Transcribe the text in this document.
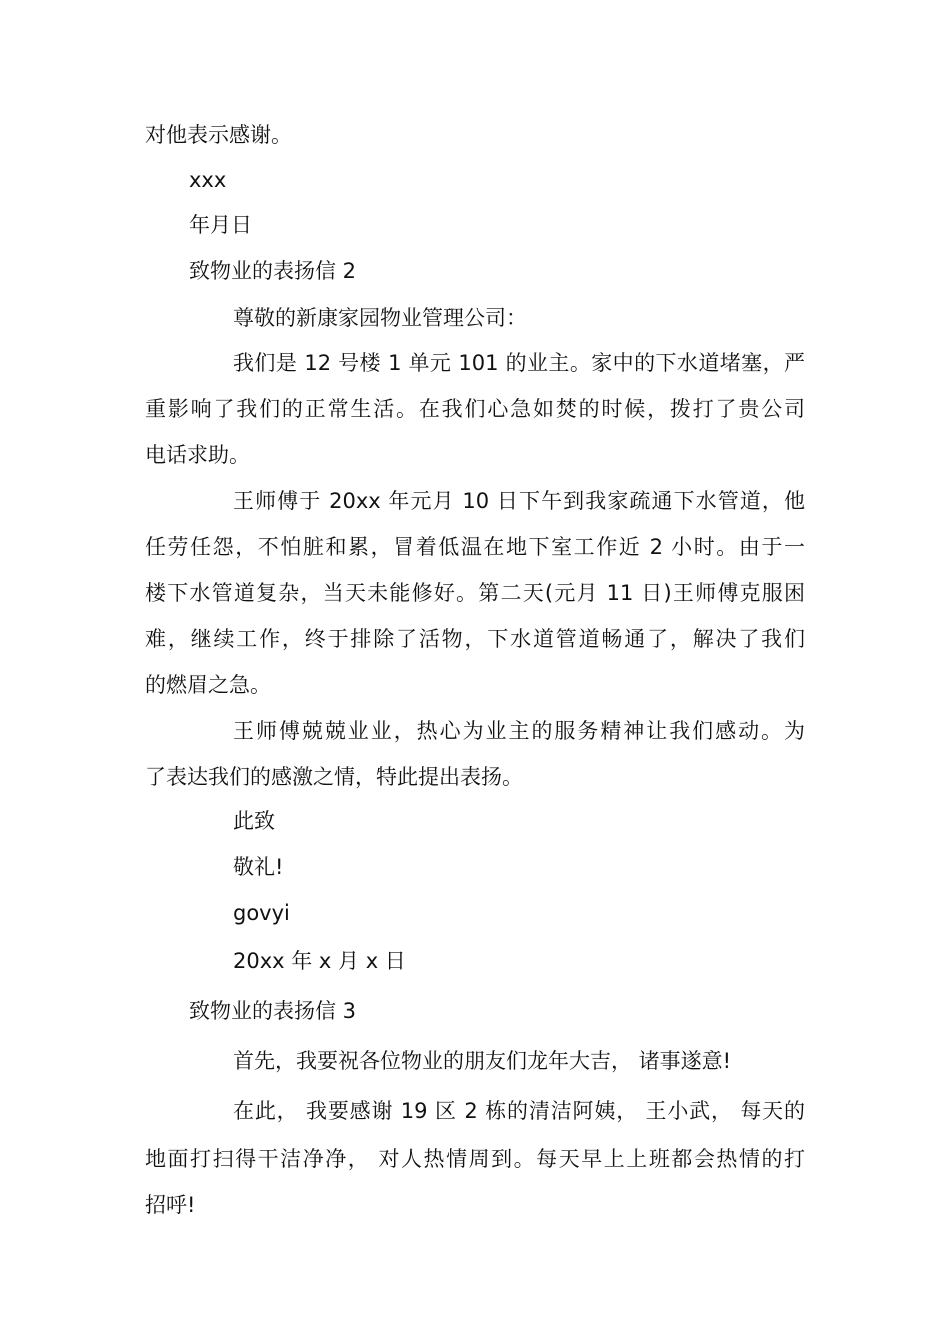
对他表示感谢。

xxx

年月日

致物业的表扬信 2

尊敬的新康家园物业管理公司：

我们是 12 号楼 1 单元 101 的业主。家中的下水道堵塞，严

重影响了我们的正常生活。在我们心急如焚的时候，拨打了贵公司

电话求助。

王师傅于 20xx 年元月 10 日下午到我家疏通下水管道，他

任劳任怨，不怕脏和累，冒着低温在地下室工作近 2 小时。由于一

楼下水管道复杂，当天未能修好。第二天(元月 11 日)王师傅克服困

难，继续工作，终于排除了活物，下水道管道畅通了，解决了我们

的燃眉之急。

王师傅兢兢业业，热心为业主的服务精神让我们感动。为

了表达我们的感激之情，特此提出表扬。

此致

敬礼!

govyi

20xx 年 x 月 x 日

致物业的表扬信 3

首先，我要祝各位物业的朋友们龙年大吉， 诸事遂意!

在此， 我要感谢 19 区 2 栋的清洁阿姨， 王小武， 每天的

地面打扫得干洁净净， 对人热情周到。每天早上上班都会热情的打

招呼!
